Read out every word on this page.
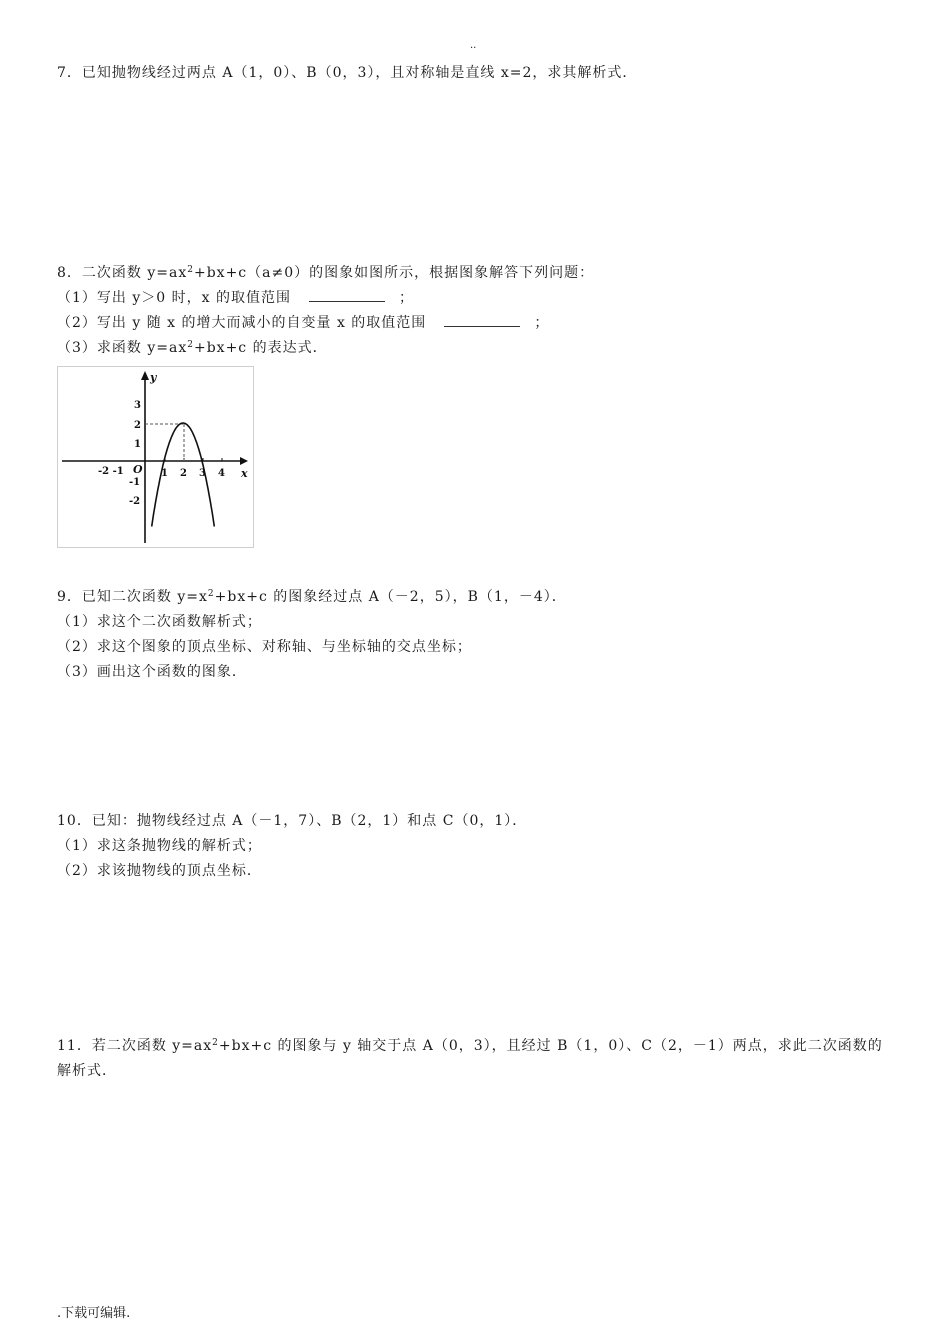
..
7．已知抛物线经过两点 A（1，0）、B（0，3），且对称轴是直线 x=2，求其解析式．
8．二次函数 $y=ax^2+bx+c(a\ne 0)$的图象如图所示，根据图象解答下列问题：
（1）写出 y＞0 时，x 的取值范围	；
（2）写出 y 随 x 的增大而减小的自变量 x 的取值范围	；
（3）求函数 $y=ax^2+bx+c$ 的表达式．
y
x
O
-2 -1	1 2 3 4
3
2
1
-1
-2
9．已知二次函数 $y=x^2+bx+c$ 的图象经过点 A（－2，5），B（1，－4）．
（1）求这个二次函数解析式；
（2）求这个图象的顶点坐标、对称轴、与坐标轴的交点坐标；
（3）画出这个函数的图象．
10．已知：抛物线经过点 A（－1，7）、B（2，1）和点 C（0，1）．
（1）求这条抛物线的解析式；
（2）求该抛物线的顶点坐标．
11．若二次函数 $y=ax^2+bx+c$ 的图象与 y 轴交于点 A（0，3），且经过 B（1，0）、C（2，－1）两点，求此二次函数的
解析式．
.下载可编辑.
